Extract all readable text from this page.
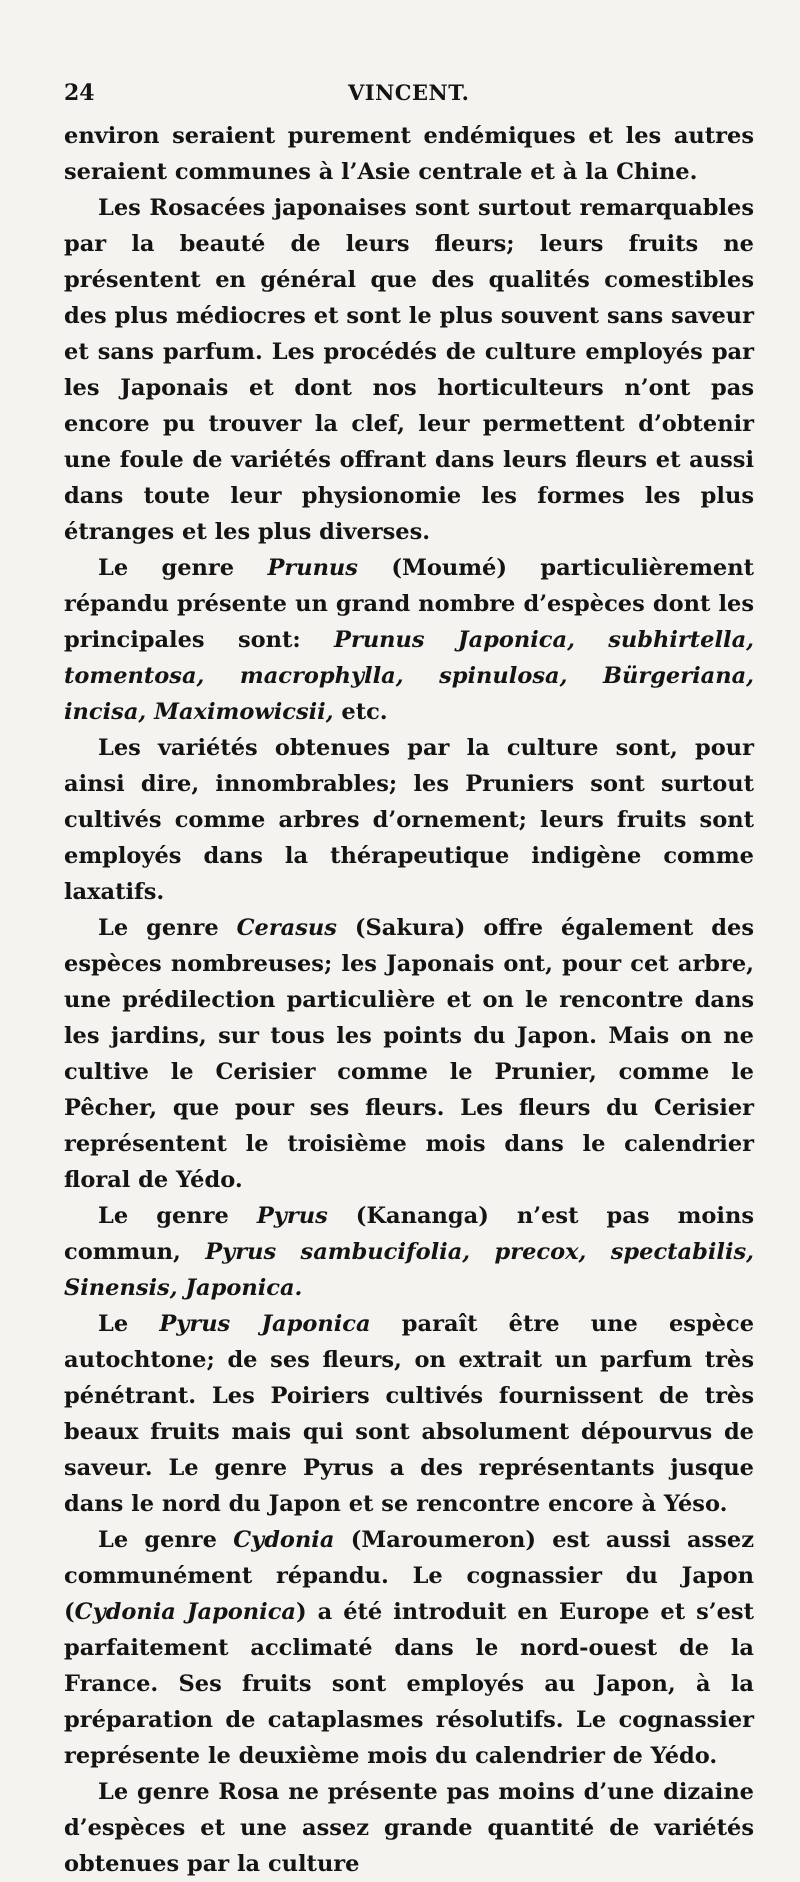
24	VINCENT.

environ seraient purement endémiques et les autres seraient communes à l’Asie centrale et à la Chine.

Les Rosacées japonaises sont surtout remarquables par la beauté de leurs fleurs; leurs fruits ne présentent en général que des qualités comestibles des plus médiocres et sont le plus souvent sans saveur et sans parfum. Les procédés de culture employés par les Japonais et dont nos horticulteurs n’ont pas encore pu trouver la clef, leur permettent d’obtenir une foule de variétés offrant dans leurs fleurs et aussi dans toute leur physionomie les formes les plus étranges et les plus diverses.

Le genre Prunus (Moumé) particulièrement répandu présente un grand nombre d’espèces dont les principales sont: Prunus Japonica, subhirtella, tomentosa, macrophylla, spinulosa, Bürgeriana, incisa, Maximowicsii, etc.

Les variétés obtenues par la culture sont, pour ainsi dire, innombrables; les Pruniers sont surtout cultivés comme arbres d’ornement; leurs fruits sont employés dans la thérapeutique indigène comme laxatifs.

Le genre Cerasus (Sakura) offre également des espèces nombreuses; les Japonais ont, pour cet arbre, une prédilection particulière et on le rencontre dans les jardins, sur tous les points du Japon. Mais on ne cultive le Cerisier comme le Prunier, comme le Pêcher, que pour ses fleurs. Les fleurs du Cerisier représentent le troisième mois dans le calendrier floral de Yédo.

Le genre Pyrus (Kananga) n’est pas moins commun, Pyrus sambucifolia, precox, spectabilis, Sinensis, Japonica.

Le Pyrus Japonica paraît être une espèce autochtone; de ses fleurs, on extrait un parfum très pénétrant. Les Poiriers cultivés fournissent de très beaux fruits mais qui sont absolument dépourvus de saveur. Le genre Pyrus a des représentants jusque dans le nord du Japon et se rencontre encore à Yéso.

Le genre Cydonia (Maroumeron) est aussi assez communément répandu. Le cognassier du Japon (Cydonia Japonica) a été introduit en Europe et s’est parfaitement acclimaté dans le nord-ouest de la France. Ses fruits sont employés au Japon, à la préparation de cataplasmes résolutifs. Le cognassier représente le deuxième mois du calendrier de Yédo.

Le genre Rosa ne présente pas moins d’une dizaine d’espèces et une assez grande quantité de variétés obtenues par la culture
